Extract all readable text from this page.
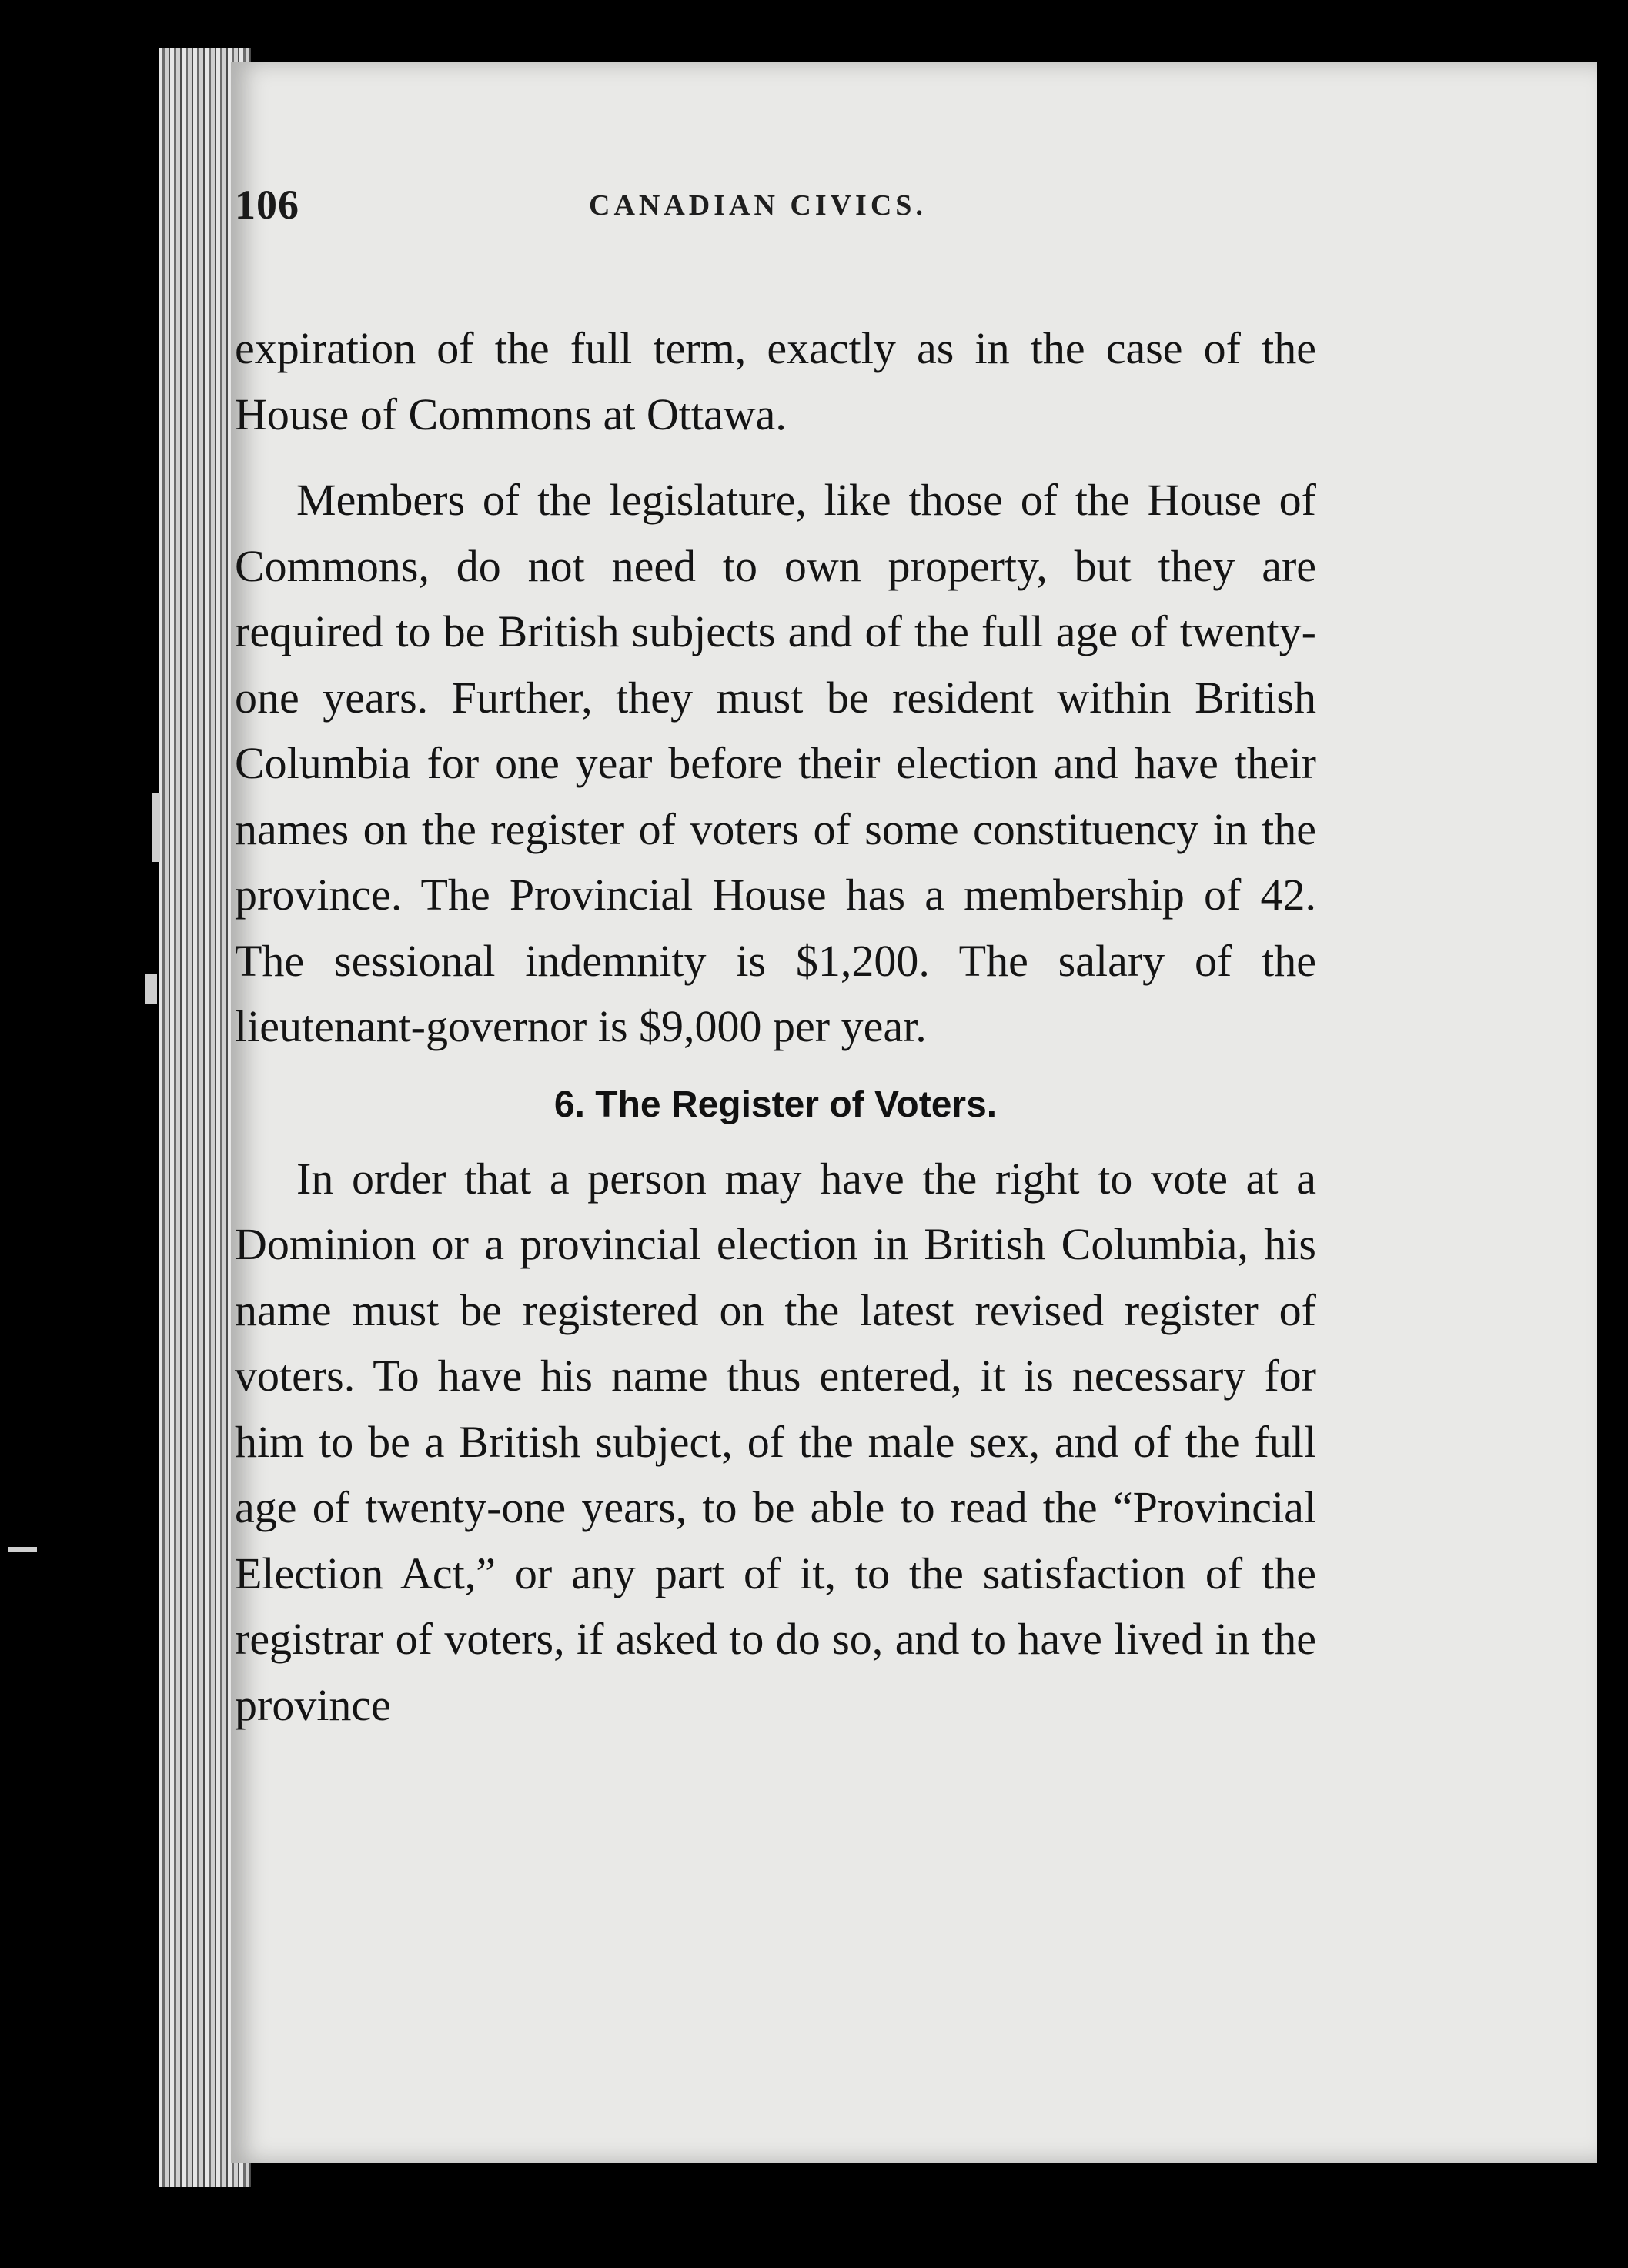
106	CANADIAN CIVICS.

expiration of the full term, exactly as in the case of the House of Commons at Ottawa.

Members of the legislature, like those of the House of Commons, do not need to own property, but they are required to be British subjects and of the full age of twenty-one years. Further, they must be resident within British Columbia for one year before their election and have their names on the register of voters of some constituency in the province. The Provincial House has a membership of 42. The sessional indemnity is $1,200. The salary of the lieutenant-governor is $9,000 per year.

6. The Register of Voters.

In order that a person may have the right to vote at a Dominion or a provincial election in British Columbia, his name must be registered on the latest revised register of voters. To have his name thus entered, it is necessary for him to be a British subject, of the male sex, and of the full age of twenty-one years, to be able to read the “Provincial Election Act,” or any part of it, to the satisfaction of the registrar of voters, if asked to do so, and to have lived in the province
